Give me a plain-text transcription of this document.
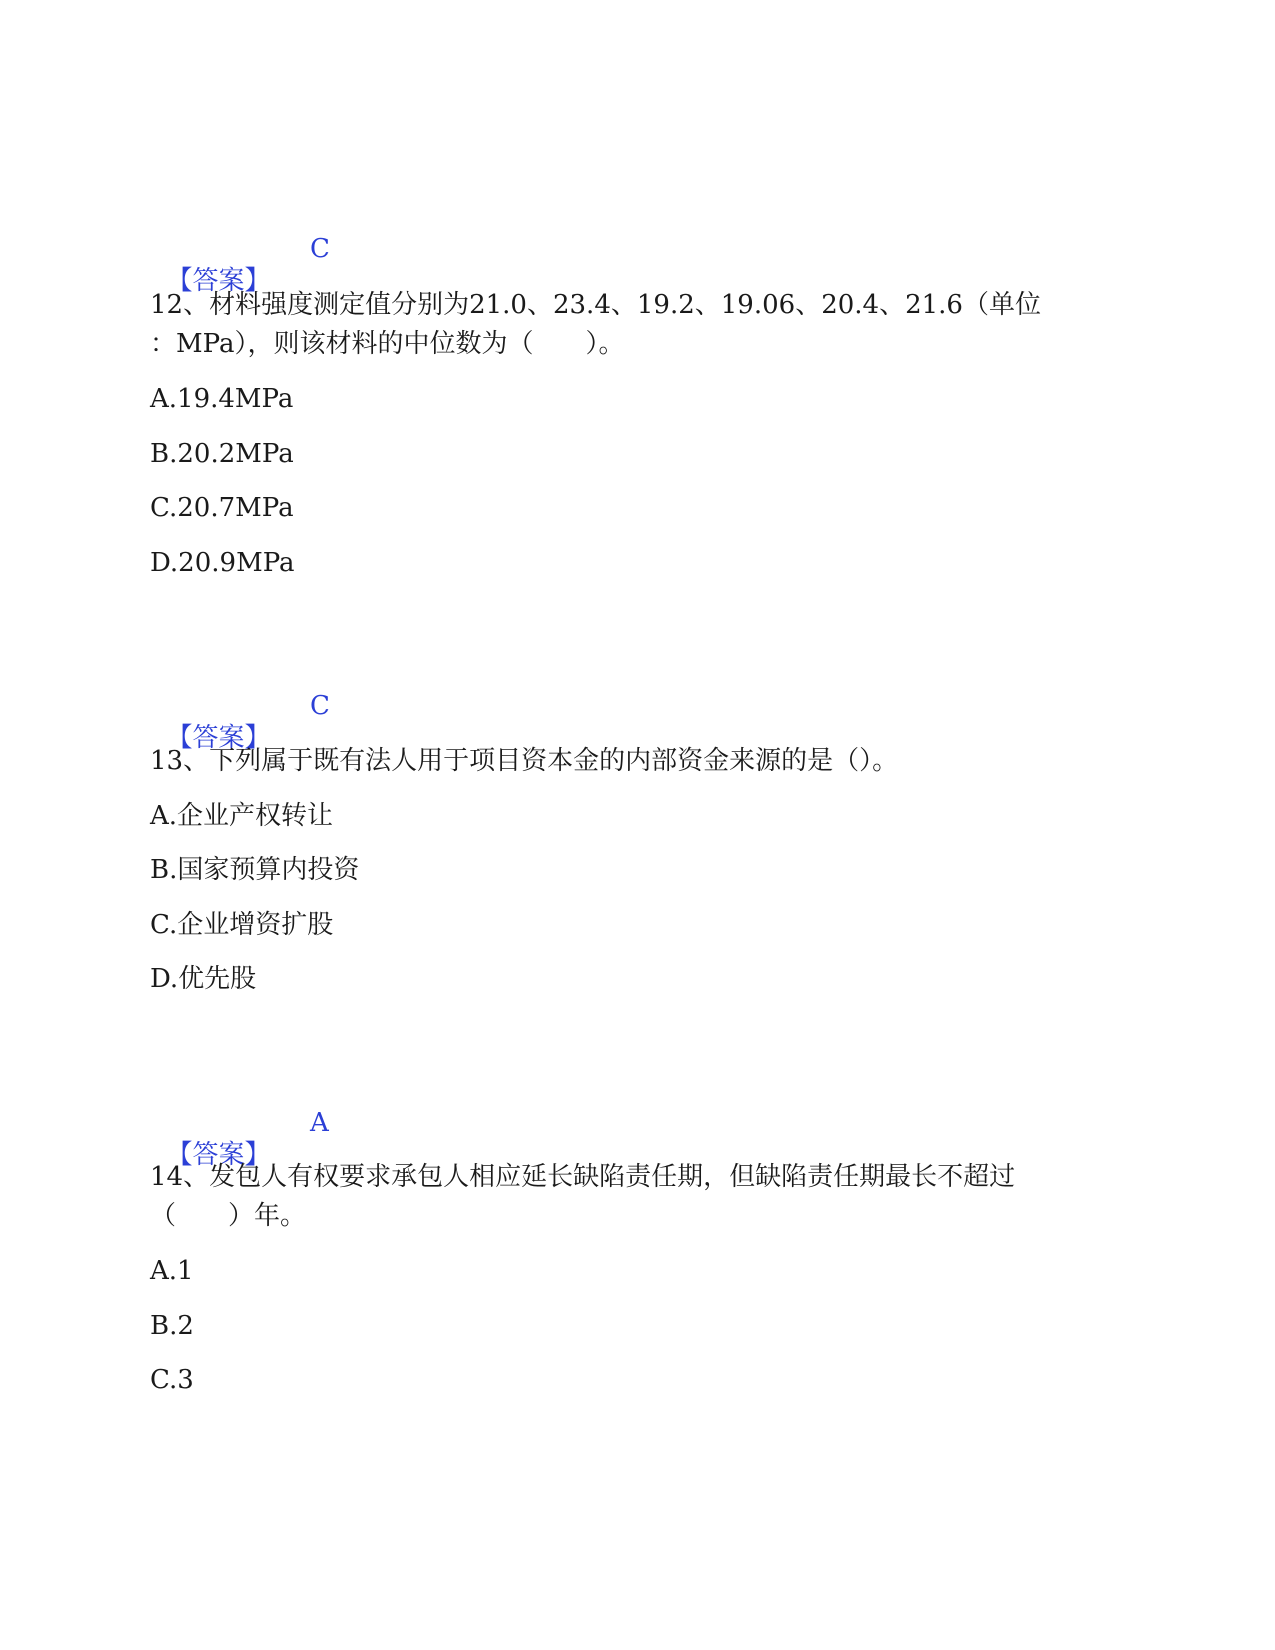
【答案】

C

12、材料强度测定值分别为21.0、23.4、19.2、19.06、20.4、21.6（单位
：MPa），则该材料的中位数为（　　）。
A.19.4MPa
B.20.2MPa
C.20.7MPa
D.20.9MPa

【答案】

C

13、下列属于既有法人用于项目资本金的内部资金来源的是（）。
A.企业产权转让
B.国家预算内投资
C.企业增资扩股
D.优先股

【答案】

A

14、发包人有权要求承包人相应延长缺陷责任期，但缺陷责任期最长不超过
（　　）年。
A.1
B.2
C.3
